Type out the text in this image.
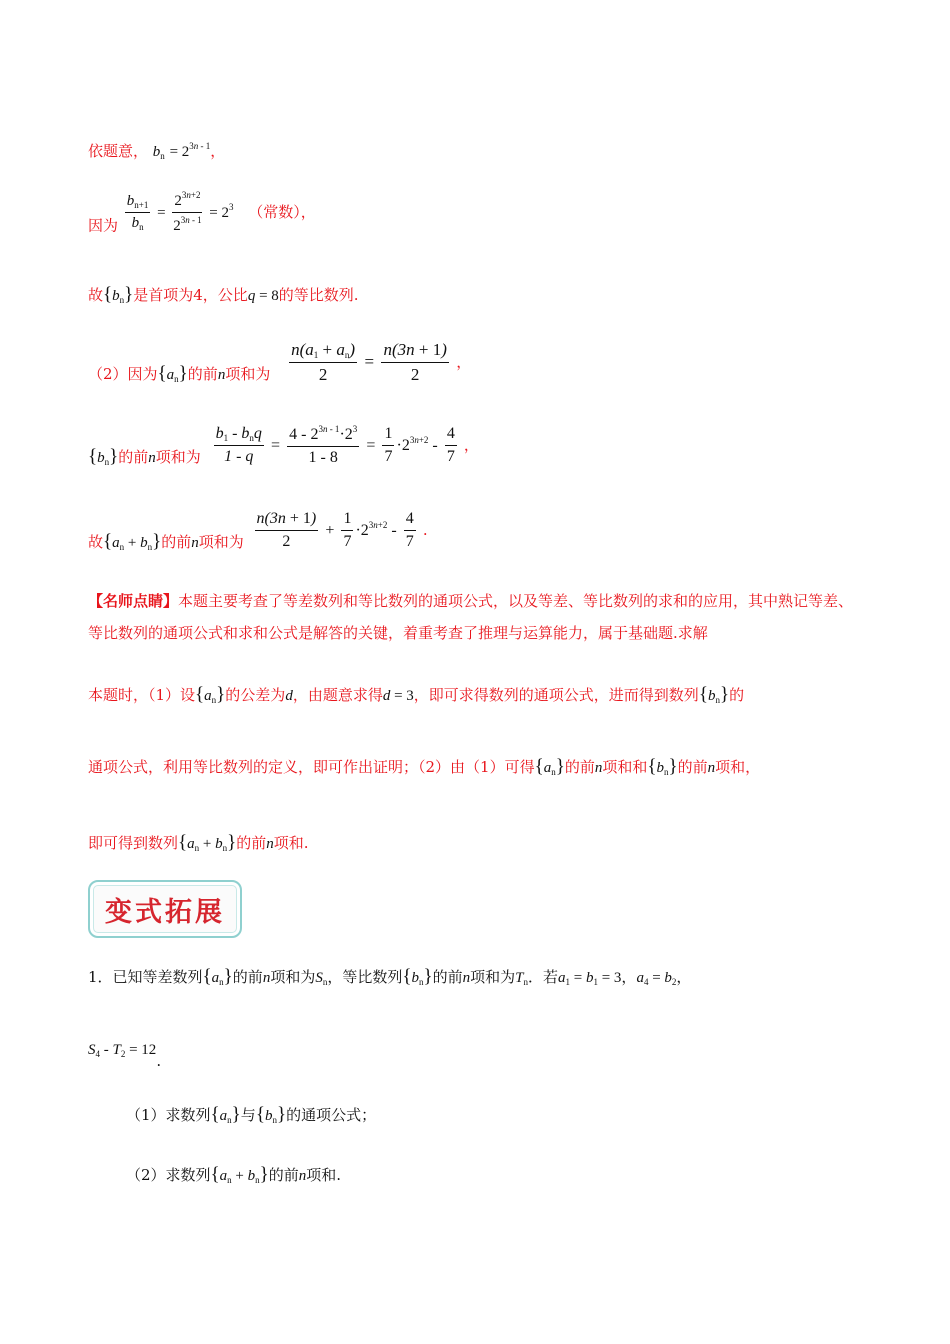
依题意， $b_n = 2^{3n - 1}$，
因为 $\frac{b_{n+1}}{b_n} = \frac{2^{3n+2}}{2^{3n - 1}} = 2^3$ （常数），
故$\{b_n\}$是首项为4，公比q = 8的等比数列.
（2）因为$\{a_n\}$的前n项和为 $\frac{n(a_1 + a_n)}{2} = \frac{n(3n + 1)}{2}$ ，
$\{b_n\}$的前n项和为 $\frac{b_1 - b_nq}{1 - q} = \frac{4 - 2^{3n - 1}\cdot 2^3}{1 - 8} = \frac{1}{7} \cdot 2^{3n+2} - \frac{4}{7}$ ，
故$\{a_n + b_n\}$的前n项和为 $\frac{n(3n + 1)}{2} + \frac{1}{7} \cdot 2^{3n+2} - \frac{4}{7}$ .
【名师点睛】本题主要考查了等差数列和等比数列的通项公式，以及等差、等比数列的求和的应用，其中熟记等差、等比数列的通项公式和求和公式是解答的关键，着重考查了推理与运算能力，属于基础题.求解
本题时，（1）设$\{a_n\}$的公差为d，由题意求得d = 3，即可求得数列的通项公式，进而得到数列$\{b_n\}$的
通项公式，利用等比数列的定义，即可作出证明；（2）由（1）可得$\{a_n\}$的前n项和和$\{b_n\}$的前n项和，
即可得到数列$\{a_n + b_n\}$的前n项和.
变式拓展
1．已知等差数列$\{a_n\}$的前n项和为$S_n$，等比数列$\{b_n\}$的前n项和为$T_n$．若$a_1 = b_1 = 3$，$a_4 = b_2$，
$S_4 - T_2 = 12$.
（1）求数列$\{a_n\}$与$\{b_n\}$的通项公式；
（2）求数列$\{a_n + b_n\}$的前n项和.
